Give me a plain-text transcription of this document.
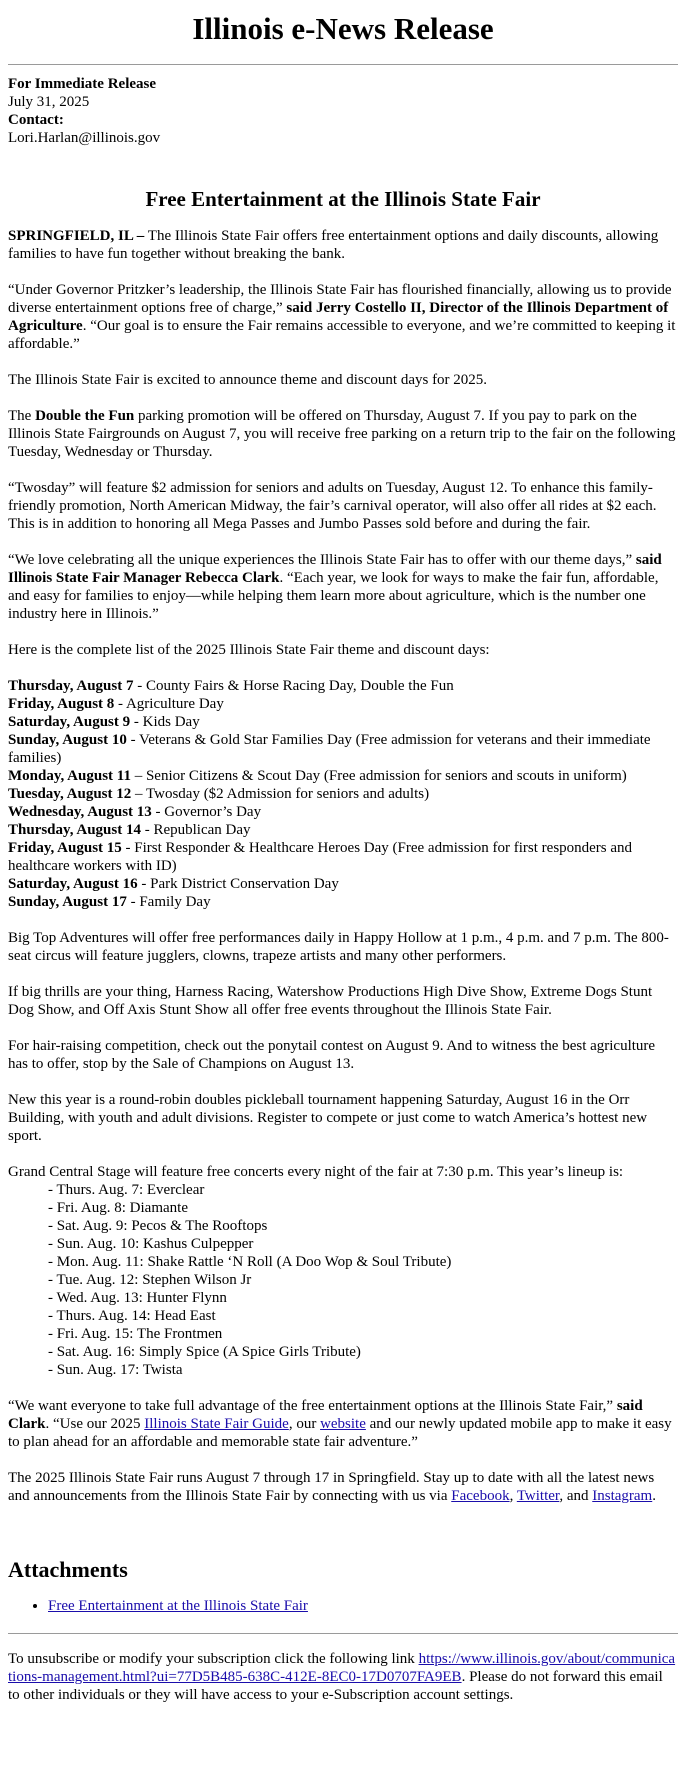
Illinois e-News Release

For Immediate Release

July 31, 2025

Contact:

Lori.Harlan@illinois.gov

Free Entertainment at the Illinois State Fair

SPRINGFIELD, IL – The Illinois State Fair offers free entertainment options and daily discounts, allowing families to have fun together without breaking the bank.

“Under Governor Pritzker’s leadership, the Illinois State Fair has flourished financially, allowing us to provide diverse entertainment options free of charge,” said Jerry Costello II, Director of the Illinois Department of Agriculture. “Our goal is to ensure the Fair remains accessible to everyone, and we’re committed to keeping it affordable.”

The Illinois State Fair is excited to announce theme and discount days for 2025.

The Double the Fun parking promotion will be offered on Thursday, August 7. If you pay to park on the Illinois State Fairgrounds on August 7, you will receive free parking on a return trip to the fair on the following Tuesday, Wednesday or Thursday.

“Twosday” will feature $2 admission for seniors and adults on Tuesday, August 12. To enhance this family-friendly promotion, North American Midway, the fair’s carnival operator, will also offer all rides at $2 each. This is in addition to honoring all Mega Passes and Jumbo Passes sold before and during the fair.

“We love celebrating all the unique experiences the Illinois State Fair has to offer with our theme days,” said Illinois State Fair Manager Rebecca Clark. “Each year, we look for ways to make the fair fun, affordable, and easy for families to enjoy—while helping them learn more about agriculture, which is the number one industry here in Illinois.”

Here is the complete list of the 2025 Illinois State Fair theme and discount days:

Thursday, August 7 - County Fairs & Horse Racing Day, Double the Fun
Friday, August 8 - Agriculture Day
Saturday, August 9 - Kids Day
Sunday, August 10 - Veterans & Gold Star Families Day (Free admission for veterans and their immediate families)
Monday, August 11 – Senior Citizens & Scout Day (Free admission for seniors and scouts in uniform)
Tuesday, August 12 – Twosday ($2 Admission for seniors and adults)
Wednesday, August 13 - Governor’s Day
Thursday, August 14 - Republican Day
Friday, August 15 - First Responder & Healthcare Heroes Day (Free admission for first responders and healthcare workers with ID)
Saturday, August 16 - Park District Conservation Day
Sunday, August 17 - Family Day

Big Top Adventures will offer free performances daily in Happy Hollow at 1 p.m., 4 p.m. and 7 p.m. The 800-seat circus will feature jugglers, clowns, trapeze artists and many other performers.

If big thrills are your thing, Harness Racing, Watershow Productions High Dive Show, Extreme Dogs Stunt Dog Show, and Off Axis Stunt Show all offer free events throughout the Illinois State Fair.

For hair-raising competition, check out the ponytail contest on August 9. And to witness the best agriculture has to offer, stop by the Sale of Champions on August 13.

New this year is a round-robin doubles pickleball tournament happening Saturday, August 16 in the Orr Building, with youth and adult divisions. Register to compete or just come to watch America’s hottest new sport.

Grand Central Stage will feature free concerts every night of the fair at 7:30 p.m. This year’s lineup is:

- Thurs. Aug. 7: Everclear
- Fri. Aug. 8: Diamante
- Sat. Aug. 9: Pecos & The Rooftops
- Sun. Aug. 10: Kashus Culpepper
- Mon. Aug. 11: Shake Rattle ‘N Roll (A Doo Wop & Soul Tribute)
- Tue. Aug. 12: Stephen Wilson Jr
- Wed. Aug. 13: Hunter Flynn
- Thurs. Aug. 14: Head East
- Fri. Aug. 15: The Frontmen
- Sat. Aug. 16: Simply Spice (A Spice Girls Tribute)
- Sun. Aug. 17: Twista

“We want everyone to take full advantage of the free entertainment options at the Illinois State Fair,” said Clark. “Use our 2025 Illinois State Fair Guide, our website and our newly updated mobile app to make it easy to plan ahead for an affordable and memorable state fair adventure.”

The 2025 Illinois State Fair runs August 7 through 17 in Springfield. Stay up to date with all the latest news and announcements from the Illinois State Fair by connecting with us via Facebook, Twitter, and Instagram.

Attachments
• Free Entertainment at the Illinois State Fair
To unsubscribe or modify your subscription click the following link https://www.illinois.gov/about/communications-management.html?ui=77D5B485-638C-412E-8EC0-17D0707FA9EB. Please do not forward this email to other individuals or they will have access to your e-Subscription account settings.
